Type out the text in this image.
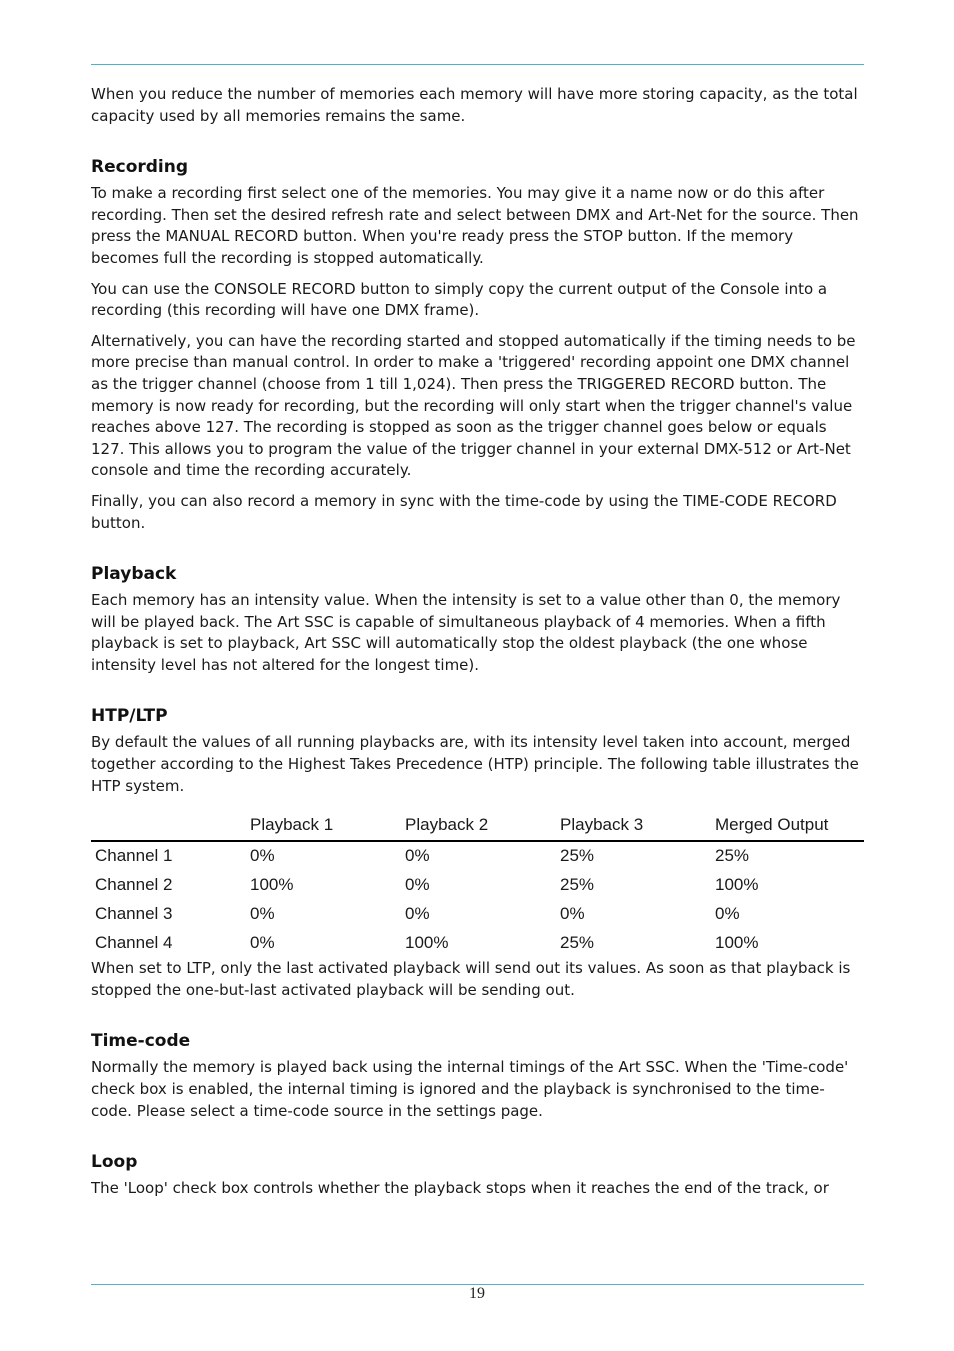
When you reduce the number of memories each memory will have more storing capacity, as the total capacity used by all memories remains the same.

Recording

To make a recording first select one of the memories. You may give it a name now or do this after recording. Then set the desired refresh rate and select between DMX and Art-Net for the source. Then press the MANUAL RECORD button. When you're ready press the STOP button. If the memory becomes full the recording is stopped automatically.

You can use the CONSOLE RECORD button to simply copy the current output of the Console into a recording (this recording will have one DMX frame).

Alternatively, you can have the recording started and stopped automatically if the timing needs to be more precise than manual control. In order to make a 'triggered' recording appoint one DMX channel as the trigger channel (choose from 1 till 1,024). Then press the TRIGGERED RECORD button. The memory is now ready for recording, but the recording will only start when the trigger channel's value reaches above 127. The recording is stopped as soon as the trigger channel goes below or equals 127. This allows you to program the value of the trigger channel in your external DMX-512 or Art-Net console and time the recording accurately.

Finally, you can also record a memory in sync with the time-code by using the TIME-CODE RECORD button.

Playback

Each memory has an intensity value. When the intensity is set to a value other than 0, the memory will be played back. The Art SSC is capable of simultaneous playback of 4 memories. When a fifth playback is set to playback, Art SSC will automatically stop the oldest playback (the one whose intensity level has not altered for the longest time).

HTP/LTP

By default the values of all running playbacks are, with its intensity level taken into account, merged together according to the Highest Takes Precedence (HTP) principle. The following table illustrates the HTP system.

	Playback 1	Playback 2	Playback 3	Merged Output
Channel 1	0%	0%	25%	25%
Channel 2	100%	0%	25%	100%
Channel 3	0%	0%	0%	0%
Channel 4	0%	100%	25%	100%

When set to LTP, only the last activated playback will send out its values. As soon as that playback is stopped the one-but-last activated playback will be sending out.

Time-code

Normally the memory is played back using the internal timings of the Art SSC. When the 'Time-code' check box is enabled, the internal timing is ignored and the playback is synchronised to the time-code. Please select a time-code source in the settings page.

Loop

The 'Loop' check box controls whether the playback stops when it reaches the end of the track, or

19
